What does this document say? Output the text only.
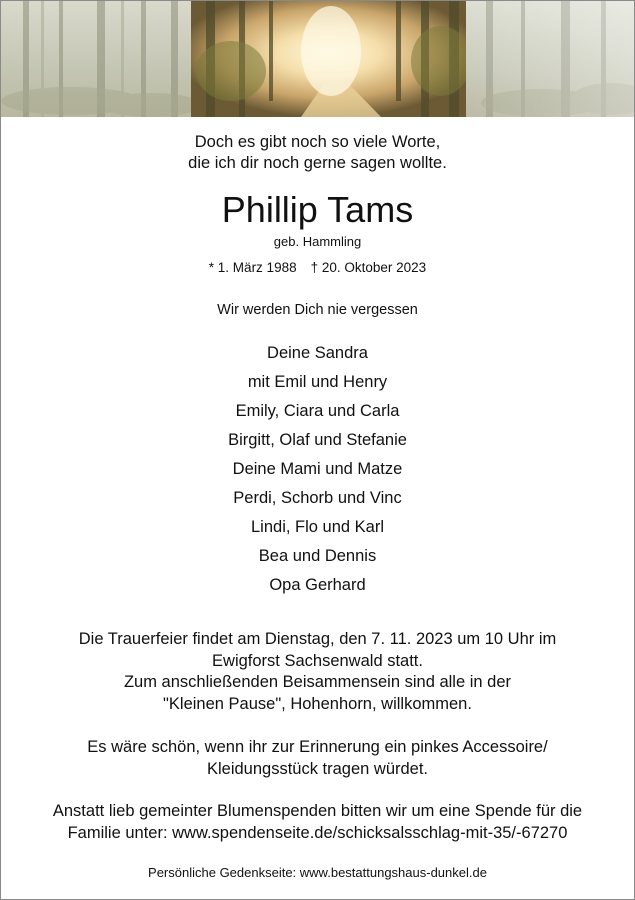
Doch es gibt noch so viele Worte,
die ich dir noch gerne sagen wollte.
Phillip Tams
geb. Hammling
* 1. März 1988 † 20. Oktober 2023
Wir werden Dich nie vergessen
Deine Sandra
mit Emil und Henry
Emily, Ciara und Carla
Birgitt, Olaf und Stefanie
Deine Mami und Matze
Perdi, Schorb und Vinc
Lindi, Flo und Karl
Bea und Dennis
Opa Gerhard

Die Trauerfeier findet am Dienstag, den 7. 11. 2023 um 10 Uhr im

Ewigforst Sachsenwald statt.

Zum anschließenden Beisammensein sind alle in der

"Kleinen Pause", Hohenhorn, willkommen.

Es wäre schön, wenn ihr zur Erinnerung ein pinkes Accessoire/

Kleidungsstück tragen würdet.

Anstatt lieb gemeinter Blumenspenden bitten wir um eine Spende für die

Familie unter: www.spendenseite.de/schicksalsschlag-mit-35/-67270

Persönliche Gedenkseite: www.bestattungshaus-dunkel.de
